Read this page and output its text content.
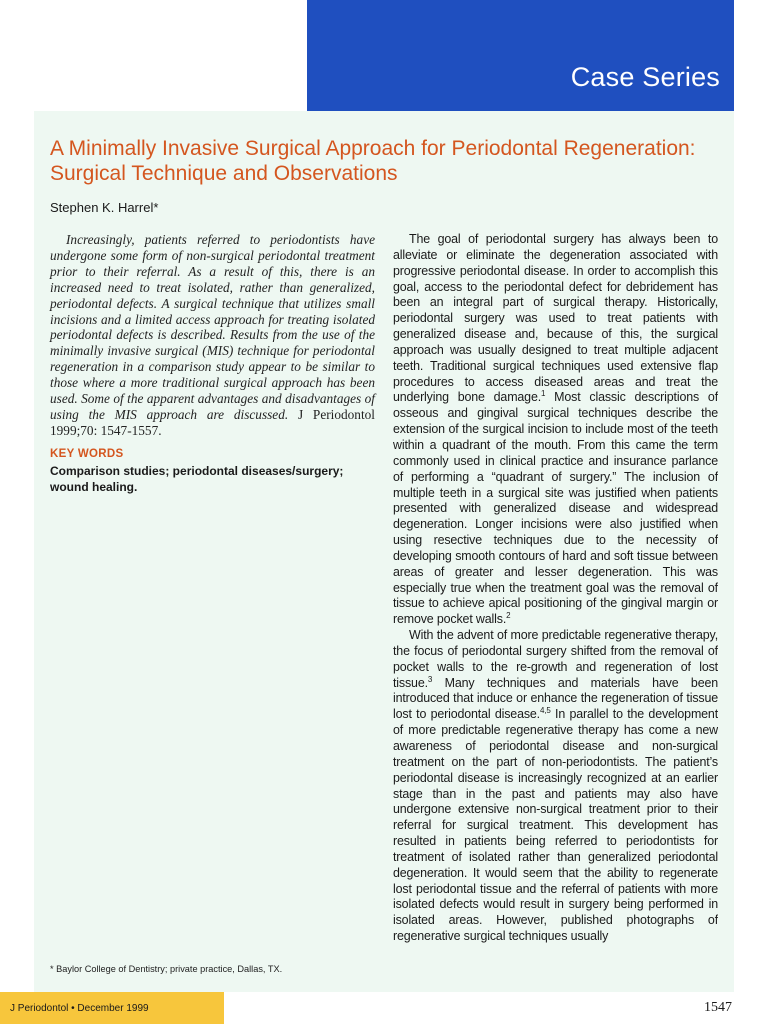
Case Series
A Minimally Invasive Surgical Approach for Periodontal Regeneration: Surgical Technique and Observations
Stephen K. Harrel*

Increasingly, patients referred to periodontists have undergone some form of non-surgical periodontal treatment prior to their referral. As a result of this, there is an increased need to treat isolated, rather than generalized, periodontal defects. A surgical technique that utilizes small incisions and a limited access approach for treating isolated periodontal defects is described. Results from the use of the minimally invasive surgical (MIS) technique for periodontal regeneration in a comparison study appear to be similar to those where a more traditional surgical approach has been used. Some of the apparent advantages and disadvantages of using the MIS approach are discussed. J Periodontol 1999;70: 1547-1557.

KEY WORDS
Comparison studies; periodontal diseases/surgery; wound healing.
* Baylor College of Dentistry; private practice, Dallas, TX.

The goal of periodontal surgery has always been to alleviate or eliminate the degeneration associated with progressive periodontal disease. In order to accomplish this goal, access to the periodontal defect for debridement has been an integral part of surgical therapy. Historically, periodontal surgery was used to treat patients with generalized disease and, because of this, the surgical approach was usually designed to treat multiple adjacent teeth. Traditional surgical techniques used extensive flap procedures to access diseased areas and treat the underlying bone damage.$^1$ Most classic descriptions of osseous and gingival surgical techniques describe the extension of the surgical incision to include most of the teeth within a quadrant of the mouth. From this came the term commonly used in clinical practice and insurance parlance of performing a “quadrant of surgery.” The inclusion of multiple teeth in a surgical site was justified when patients presented with generalized disease and widespread degeneration. Longer incisions were also justified when using resective techniques due to the necessity of developing smooth contours of hard and soft tissue between areas of greater and lesser degeneration. This was especially true when the treatment goal was the removal of tissue to achieve apical positioning of the gingival margin or remove pocket walls.$^2$

With the advent of more predictable regenerative therapy, the focus of periodontal surgery shifted from the removal of pocket walls to the re-growth and regeneration of lost tissue.$^3$ Many techniques and materials have been introduced that induce or enhance the regeneration of tissue lost to periodontal disease.$^{4,5}$ In parallel to the development of more predictable regenerative therapy has come a new awareness of periodontal disease and non-surgical treatment on the part of non-periodontists. The patient’s periodontal disease is increasingly recognized at an earlier stage than in the past and patients may also have undergone extensive non-surgical treatment prior to their referral for surgical treatment. This development has resulted in patients being referred to periodontists for treatment of isolated rather than generalized periodontal degeneration. It would seem that the ability to regenerate lost periodontal tissue and the referral of patients with more isolated defects would result in surgery being performed in isolated areas. However, published photographs of regenerative surgical techniques usually

J Periodontol • December 1999	1547
